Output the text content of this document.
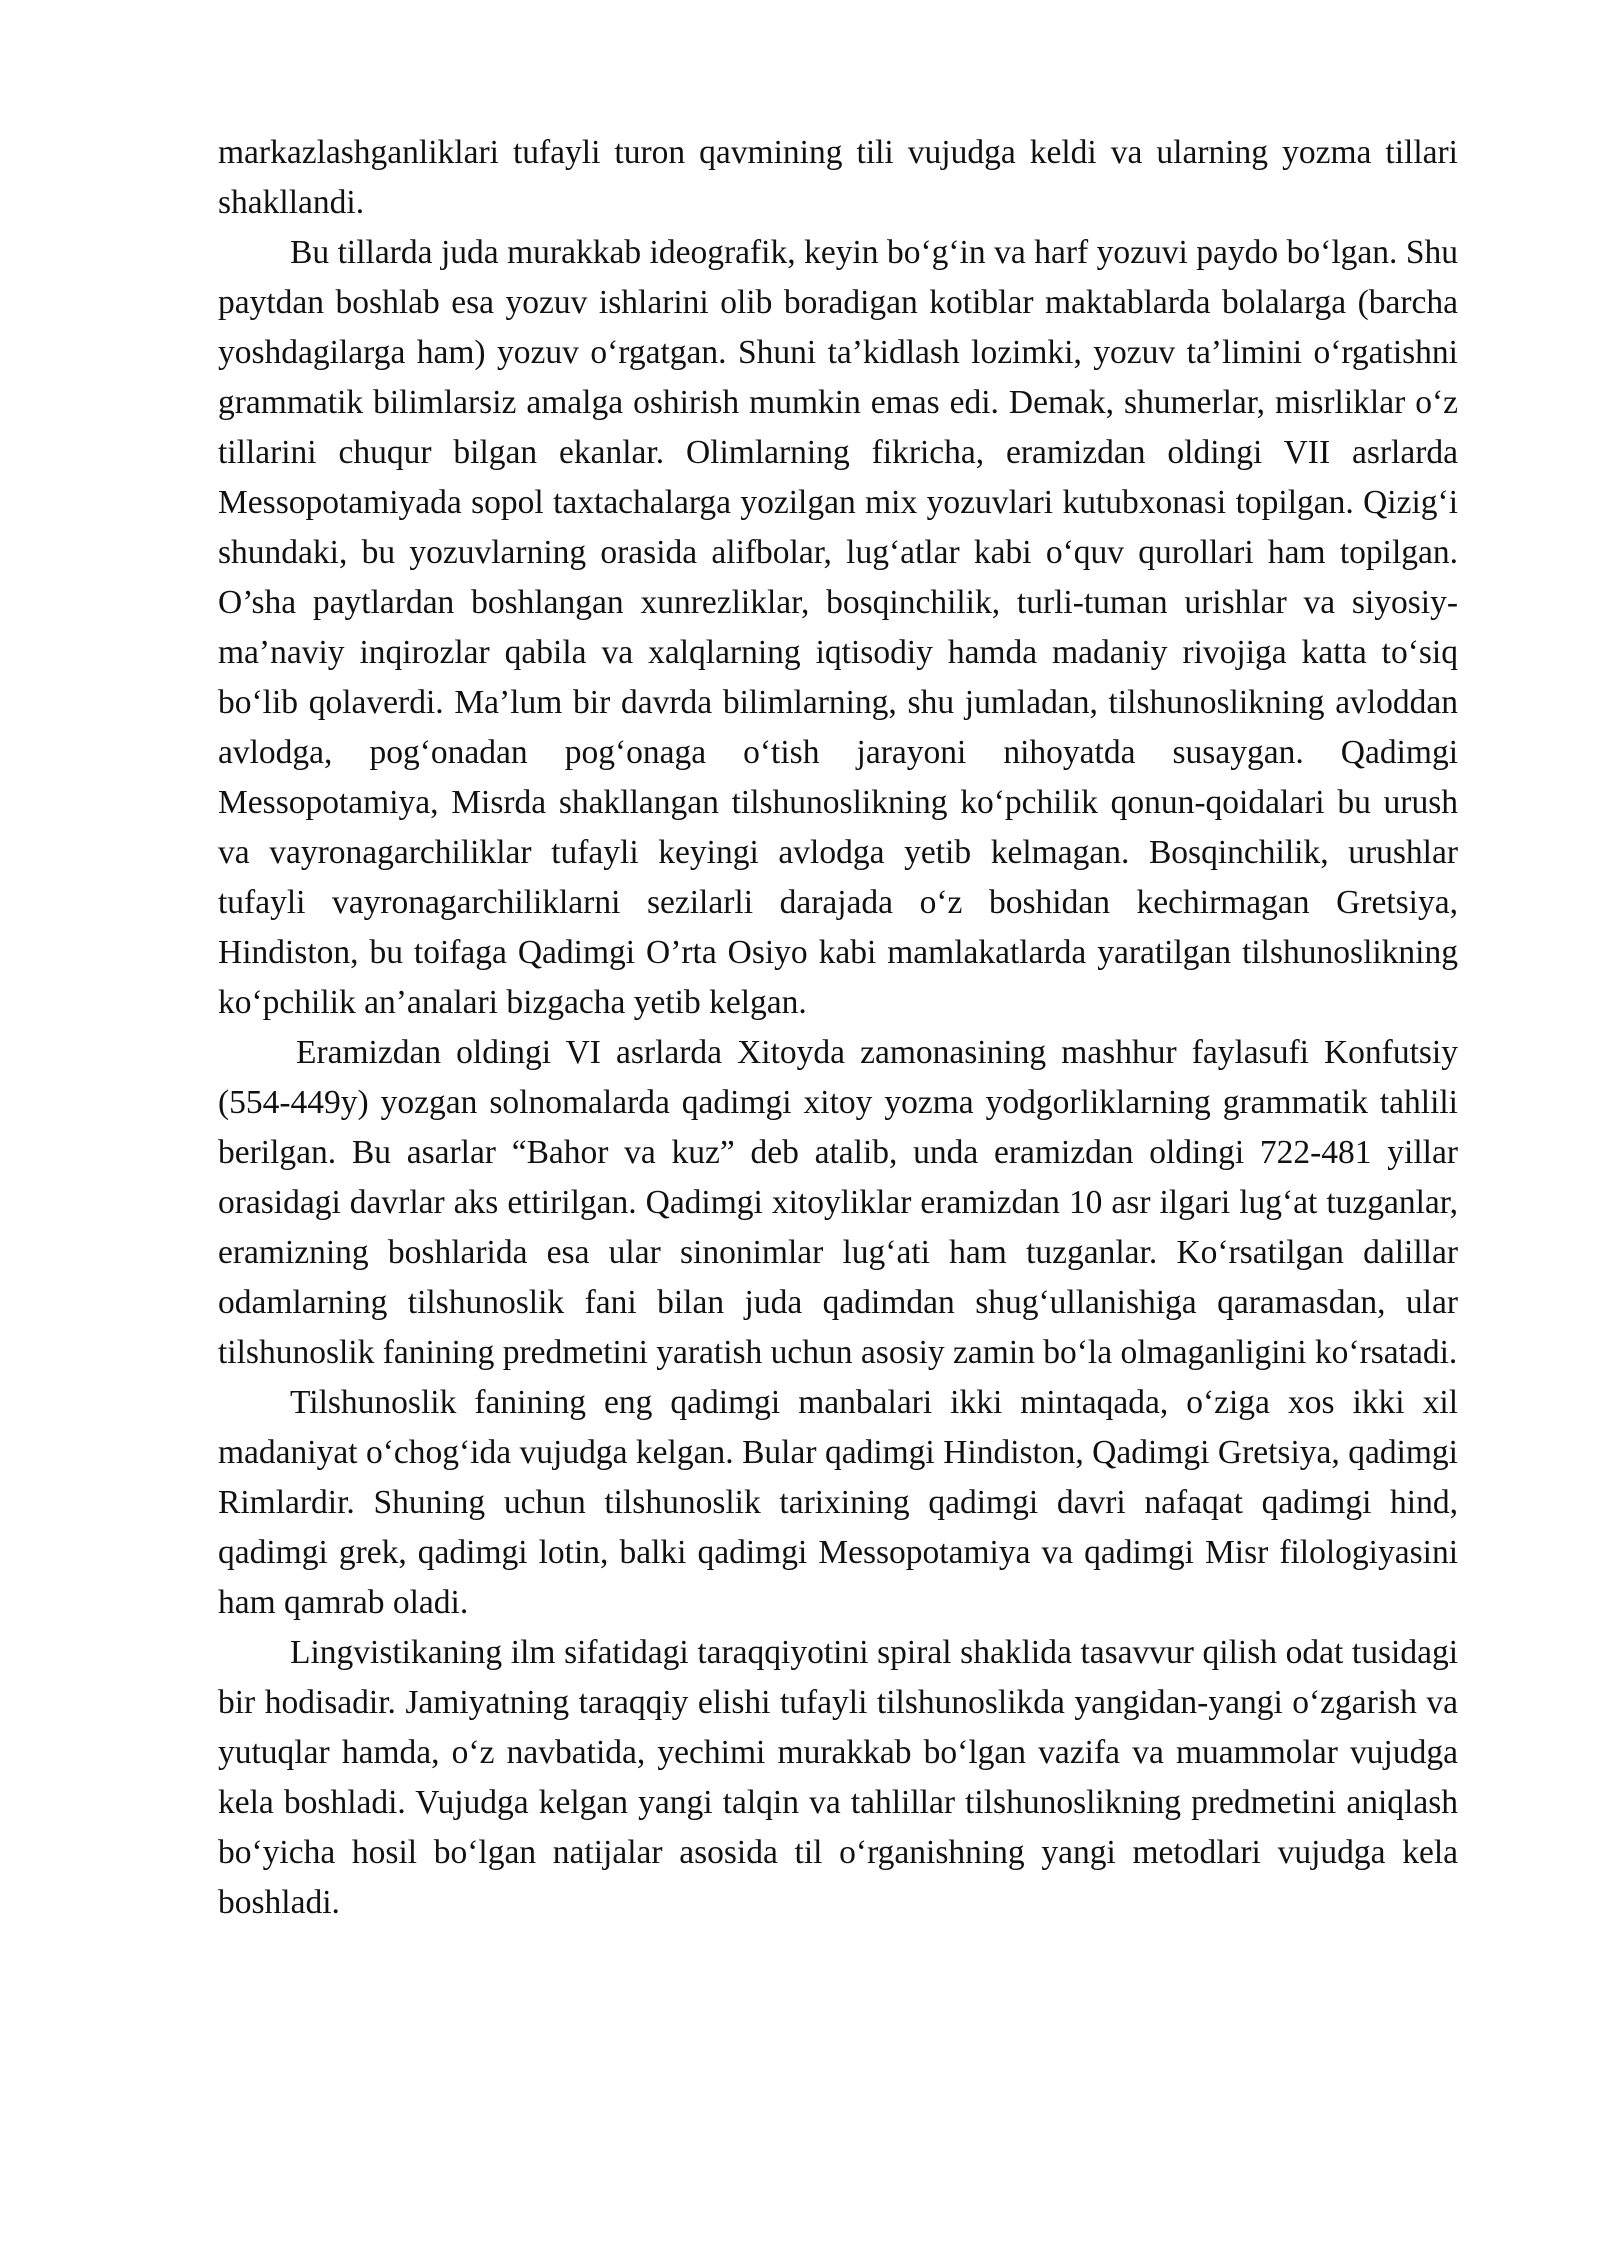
markazlashganliklari tufayli turon qavmining tili vujudga keldi va ularning yozma tillari shakllandi.

Bu tillarda juda murakkab ideografik, keyin bo‘g‘in va harf yozuvi paydo bo‘lgan. Shu paytdan boshlab esa yozuv ishlarini olib boradigan kotiblar maktablarda bolalarga (barcha yoshdagilarga ham) yozuv o‘rgatgan. Shuni ta’kidlash lozimki, yozuv ta’limini o‘rgatishni grammatik bilimlarsiz amalga oshirish mumkin emas edi. Demak, shumerlar, misrliklar o‘z tillarini chuqur bilgan ekanlar. Olimlarning fikricha, eramizdan oldingi VII asrlarda Messopotamiyada sopol taxtachalarga yozilgan mix yozuvlari kutubxonasi topilgan. Qizig‘i shundaki, bu yozuvlarning orasida alifbolar, lug‘atlar kabi o‘quv qurollari ham topilgan. O’sha paytlardan boshlangan xunrezliklar, bosqinchilik, turli-tuman urishlar va siyosiy-ma’naviy inqirozlar qabila va xalqlarning iqtisodiy hamda madaniy rivojiga katta to‘siq bo‘lib qolaverdi. Ma’lum bir davrda bilimlarning, shu jumladan, tilshunoslikning avloddan avlodga, pog‘onadan pog‘onaga o‘tish jarayoni nihoyatda susaygan. Qadimgi Messopotamiya, Misrda shakllangan tilshunoslikning ko‘pchilik qonun-qoidalari bu urush va vayronagarchiliklar tufayli keyingi avlodga yetib kelmagan. Bosqinchilik, urushlar tufayli vayronagarchiliklarni sezilarli darajada o‘z boshidan kechirmagan Gretsiya, Hindiston, bu toifaga Qadimgi O’rta Osiyo kabi mamlakatlarda yaratilgan tilshunoslikning ko‘pchilik an’analari bizgacha yetib kelgan.

Eramizdan oldingi VI asrlarda Xitoyda zamonasining mashhur faylasufi Konfutsiy (554-449y) yozgan solnomalarda qadimgi xitoy yozma yodgorliklarning grammatik tahlili berilgan. Bu asarlar “Bahor va kuz” deb atalib, unda eramizdan oldingi 722-481 yillar orasidagi davrlar aks ettirilgan. Qadimgi xitoyliklar eramizdan 10 asr ilgari lug‘at tuzganlar, eramizning boshlarida esa ular sinonimlar lug‘ati ham tuzganlar. Ko‘rsatilgan dalillar odamlarning tilshunoslik fani bilan juda qadimdan shug‘ullanishiga qaramasdan, ular tilshunoslik fanining predmetini yaratish uchun asosiy zamin bo‘la olmaganligini ko‘rsatadi.

Tilshunoslik fanining eng qadimgi manbalari ikki mintaqada, o‘ziga xos ikki xil madaniyat o‘chog‘ida vujudga kelgan. Bular qadimgi Hindiston, Qadimgi Gretsiya, qadimgi Rimlardir. Shuning uchun tilshunoslik tarixining qadimgi davri nafaqat qadimgi hind, qadimgi grek, qadimgi lotin, balki qadimgi Messopotamiya va qadimgi Misr filologiyasini ham qamrab oladi.

Lingvistikaning ilm sifatidagi taraqqiyotini spiral shaklida tasavvur qilish odat tusidagi bir hodisadir. Jamiyatning taraqqiy elishi tufayli tilshunoslikda yangidan-yangi o‘zgarish va yutuqlar hamda, o‘z navbatida, yechimi murakkab bo‘lgan vazifa va muammolar vujudga kela boshladi. Vujudga kelgan yangi talqin va tahlillar tilshunoslikning predmetini aniqlash bo‘yicha hosil bo‘lgan natijalar asosida til o‘rganishning yangi metodlari vujudga kela boshladi.
